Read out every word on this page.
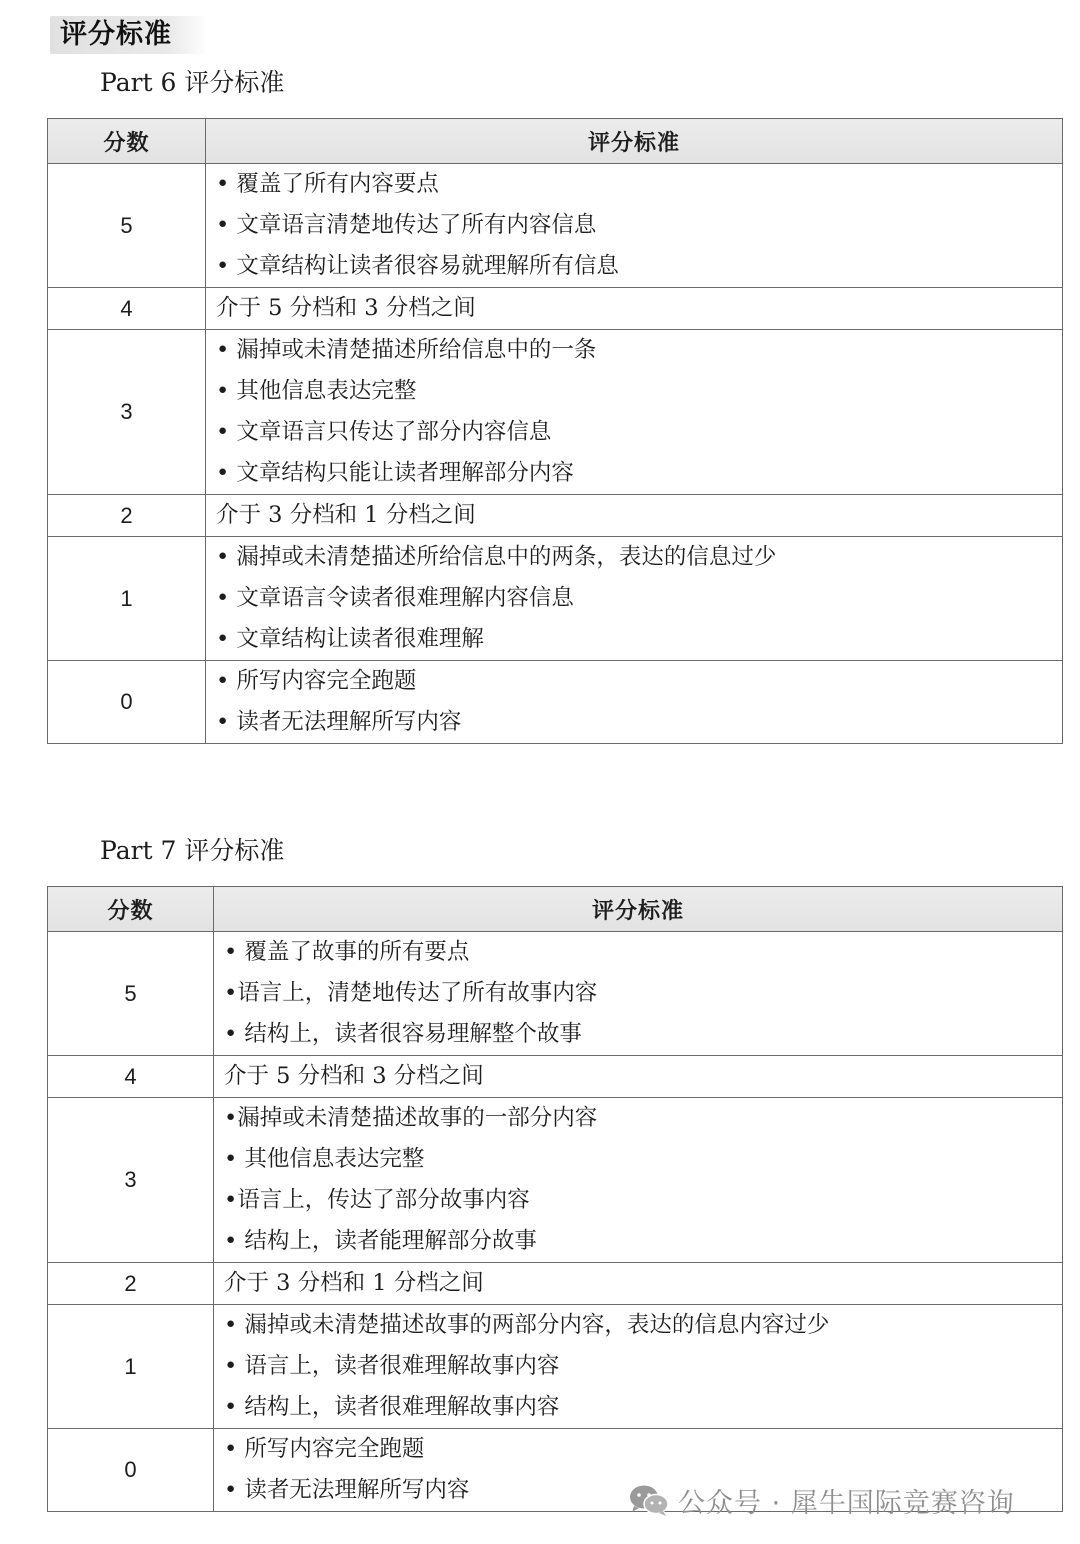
评分标准
Part 6 评分标准
分数	评分标准
5	• 覆盖了所有内容要点
• 文章语言清楚地传达了所有内容信息
• 文章结构让读者很容易就理解所有信息

4	介于 5 分档和 3 分档之间

3	• 漏掉或未清楚描述所给信息中的一条
• 其他信息表达完整
• 文章语言只传达了部分内容信息
• 文章结构只能让读者理解部分内容

2	介于 3 分档和 1 分档之间

1	• 漏掉或未清楚描述所给信息中的两条，表达的信息过少
• 文章语言令读者很难理解内容信息
• 文章结构让读者很难理解

0	• 所写内容完全跑题
• 读者无法理解所写内容
Part 7 评分标准
分数	评分标准
5	• 覆盖了故事的所有要点
•语言上，清楚地传达了所有故事内容
• 结构上，读者很容易理解整个故事

4	介于 5 分档和 3 分档之间

3	•漏掉或未清楚描述故事的一部分内容
• 其他信息表达完整
•语言上，传达了部分故事内容
• 结构上，读者能理解部分故事

2	介于 3 分档和 1 分档之间

1	• 漏掉或未清楚描述故事的两部分内容，表达的信息内容过少
• 语言上，读者很难理解故事内容
• 结构上，读者很难理解故事内容

0	• 所写内容完全跑题
• 读者无法理解所写内容	公众号 · 犀牛国际竞赛咨询
